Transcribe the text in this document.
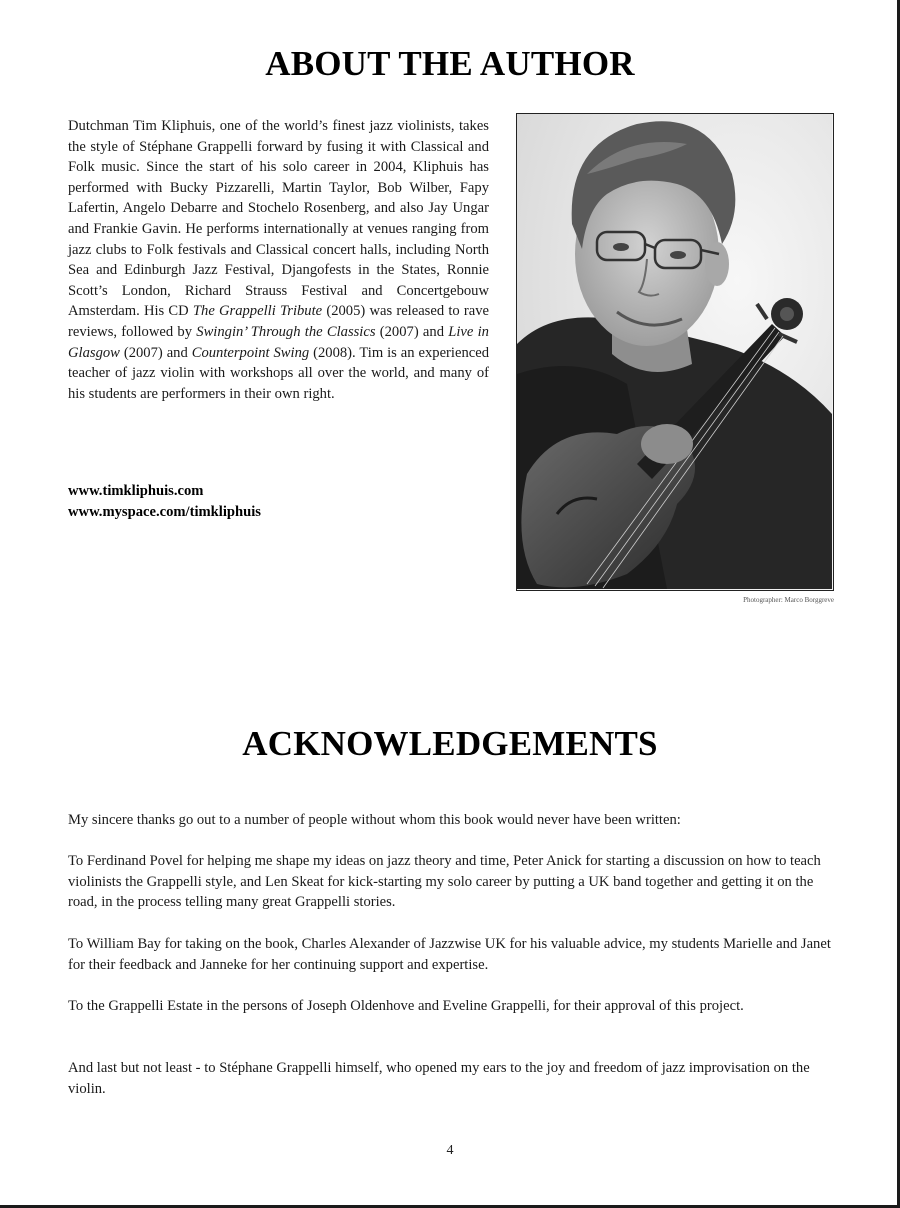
ABOUT THE AUTHOR

Dutchman Tim Kliphuis, one of the world’s finest jazz violinists, takes the style of Stéphane Grappelli forward by fusing it with Classical and Folk music. Since the start of his solo career in 2004, Kliphuis has performed with Bucky Pizzarelli, Martin Taylor, Bob Wilber, Fapy Lafertin, Angelo Debarre and Stochelo Rosenberg, and also Jay Ungar and Frankie Gavin. He performs internationally at venues ranging from jazz clubs to Folk festivals and Classical concert halls, including North Sea and Edinburgh Jazz Festival, Djangofests in the States, Ronnie Scott’s London, Richard Strauss Festival and Concertgebouw Amsterdam. His CD The Grappelli Tribute (2005) was released to rave reviews, followed by Swingin’ Through the Classics (2007) and Live in Glasgow (2007) and Counterpoint Swing (2008). Tim is an experienced teacher of jazz violin with workshops all over the world, and many of his students are performers in their own right.

www.timkliphuis.com
www.myspace.com/timkliphuis
Photographer: Marco Borggreve
ACKNOWLEDGEMENTS

My sincere thanks go out to a number of people without whom this book would never have been written:

To Ferdinand Povel for helping me shape my ideas on jazz theory and time, Peter Anick for starting a discussion on how to teach violinists the Grappelli style, and Len Skeat for kick-starting my solo career by putting a UK band together and getting it on the road, in the process telling many great Grappelli stories.

To William Bay for taking on the book, Charles Alexander of Jazzwise UK for his valuable advice, my students Marielle and Janet for their feedback and Janneke for her continuing support and expertise.

To the Grappelli Estate in the persons of Joseph Oldenhove and Eveline Grappelli, for their approval of this project.

And last but not least - to Stéphane Grappelli himself, who opened my ears to the joy and freedom of jazz improvisation on the violin.

4
